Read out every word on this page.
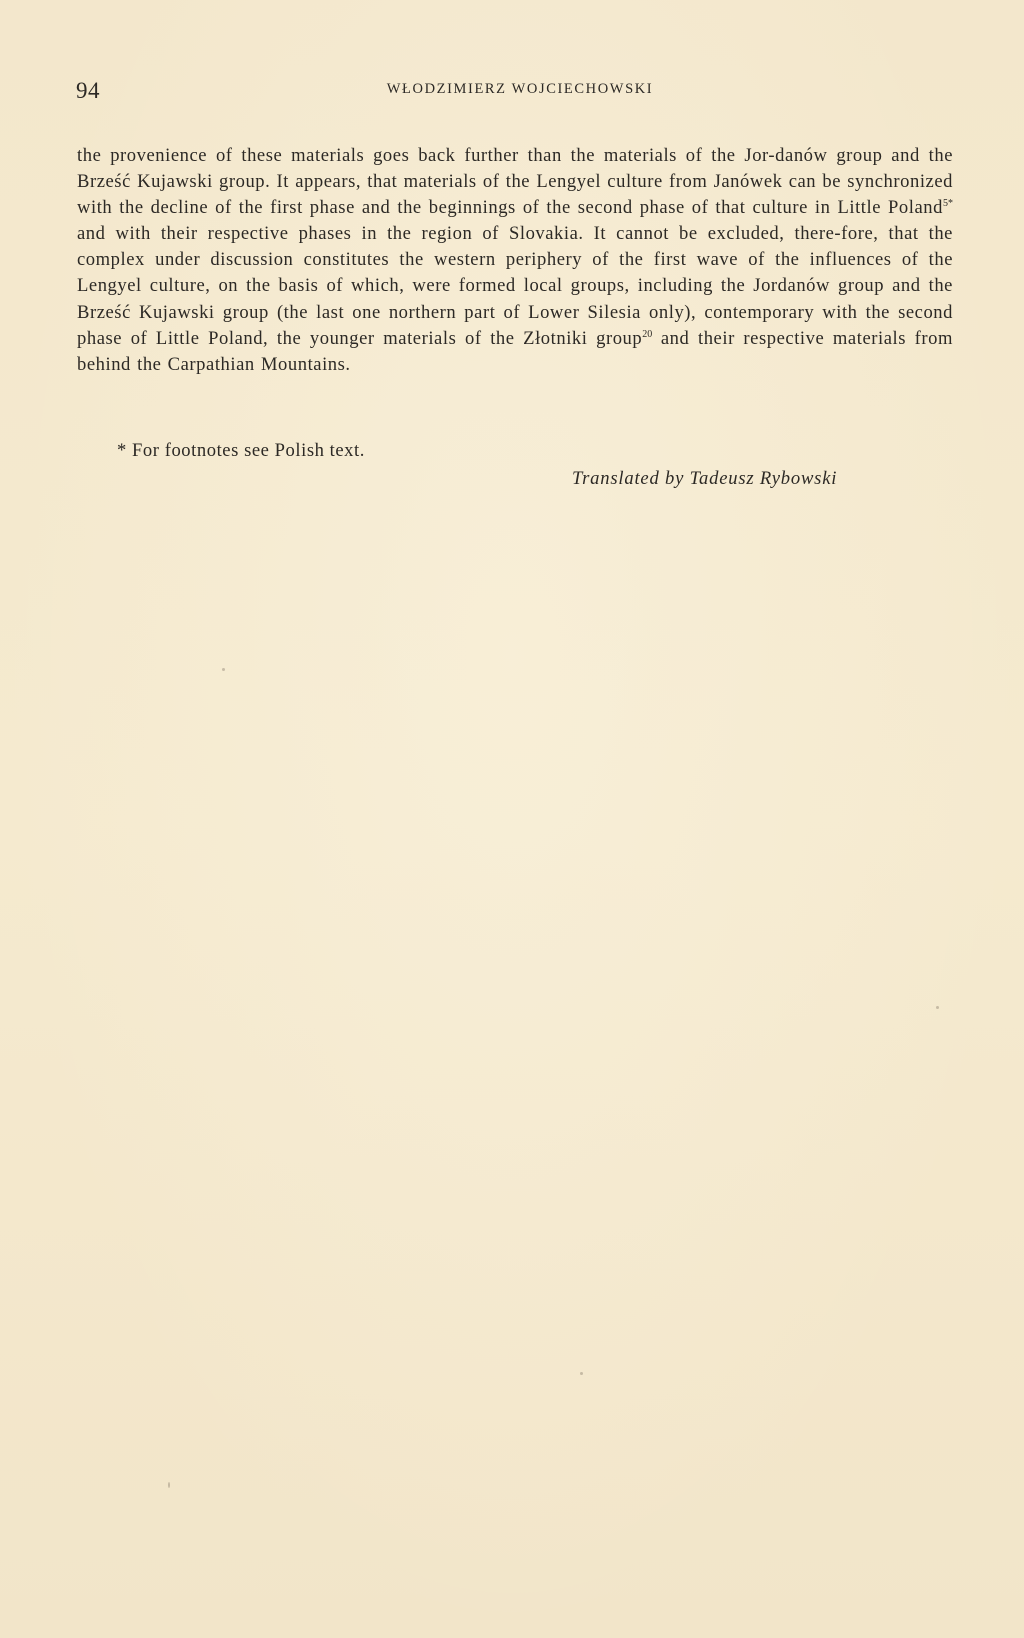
94	WŁODZIMIERZ WOJCIECHOWSKI
the provenience of these materials goes back further than the materials of the Jor-danów group and the Brześć Kujawski group. It appears, that materials of the Lengyel culture from Janówek can be synchronized with the decline of the first phase and the beginnings of the second phase of that culture in Little Poland$^{5*}$ and with their respective phases in the region of Slovakia. It cannot be excluded, there-fore, that the complex under discussion constitutes the western periphery of the first wave of the influences of the Lengyel culture, on the basis of which, were formed local groups, including the Jordanów group and the Brześć Kujawski group (the last one northern part of Lower Silesia only), contemporary with the second phase of Little Poland, the younger materials of the Złotniki group$^{20}$ and their respective materials from behind the Carpathian Mountains.
* For footnotes see Polish text.
Translated by Tadeusz Rybowski
